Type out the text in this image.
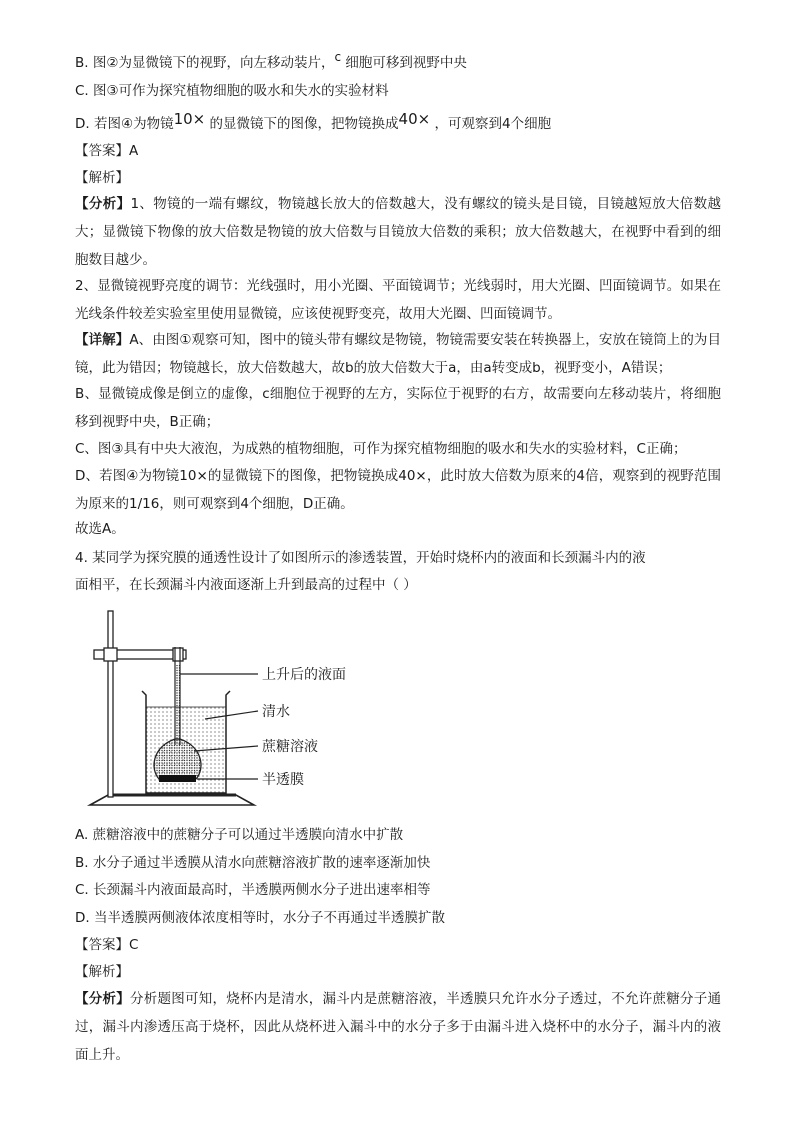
B. 图②为显微镜下的视野，向左移动装片，c 细胞可移到视野中央
C. 图③可作为探究植物细胞的吸水和失水的实验材料
D. 若图④为物镜10× 的显微镜下的图像，把物镜换成40× ，可观察到4个细胞
【答案】A
【解析】
【分析】1、物镜的一端有螺纹，物镜越长放大的倍数越大，没有螺纹的镜头是目镜，目镜越短放大倍数越大；显微镜下物像的放大倍数是物镜的放大倍数与目镜放大倍数的乘积；放大倍数越大，在视野中看到的细胞数目越少。
2、显微镜视野亮度的调节：光线强时，用小光圈、平面镜调节；光线弱时，用大光圈、凹面镜调节。如果在光线条件较差实验室里使用显微镜，应该使视野变亮，故用大光圈、凹面镜调节。
【详解】A、由图①观察可知，图中的镜头带有螺纹是物镜，物镜需要安装在转换器上，安放在镜筒上的为目镜，此为错因；物镜越长，放大倍数越大，故b的放大倍数大于a，由a转变成b，视野变小，A错误；
B、显微镜成像是倒立的虚像，c细胞位于视野的左方，实际位于视野的右方，故需要向左移动装片，将细胞移到视野中央，B正确；
C、图③具有中央大液泡，为成熟的植物细胞，可作为探究植物细胞的吸水和失水的实验材料，C正确；
D、若图④为物镜10×的显微镜下的图像，把物镜换成40×，此时放大倍数为原来的4倍，观察到的视野范围为原来的1/16，则可观察到4个细胞，D正确。
故选A。
4. 某同学为探究膜的通透性设计了如图所示的渗透装置，开始时烧杯内的液面和长颈漏斗内的液
面相平，在长颈漏斗内液面逐渐上升到最高的过程中（ ）
上升后的液面
清水
蔗糖溶液
半透膜
A. 蔗糖溶液中的蔗糖分子可以通过半透膜向清水中扩散
B. 水分子通过半透膜从清水向蔗糖溶液扩散的速率逐渐加快
C. 长颈漏斗内液面最高时，半透膜两侧水分子进出速率相等
D. 当半透膜两侧液体浓度相等时，水分子不再通过半透膜扩散
【答案】C
【解析】
【分析】分析题图可知，烧杯内是清水，漏斗内是蔗糖溶液，半透膜只允许水分子透过，不允许蔗糖分子通过，漏斗内渗透压高于烧杯，因此从烧杯进入漏斗中的水分子多于由漏斗进入烧杯中的水分子，漏斗内的液面上升。
